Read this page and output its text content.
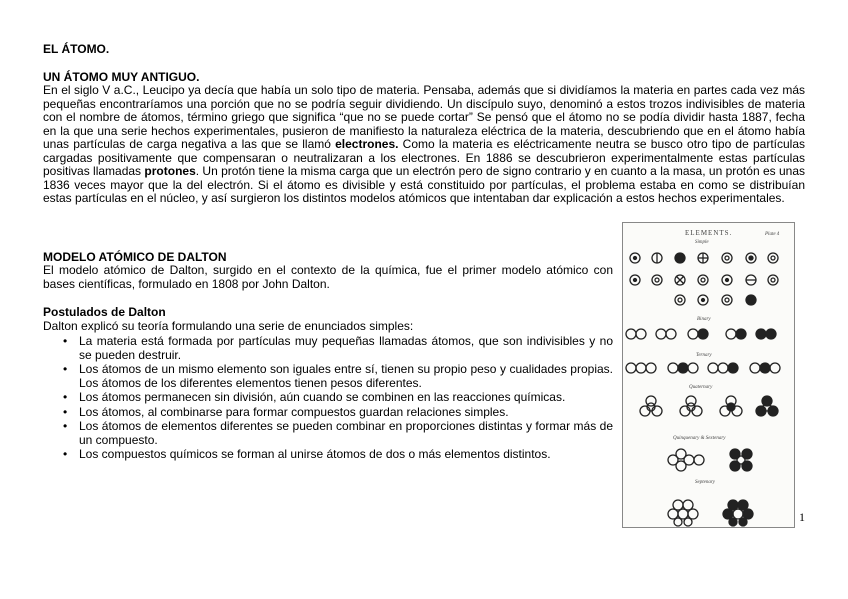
EL ÁTOMO.
UN ÁTOMO MUY ANTIGUO.
En el siglo V a.C., Leucipo ya decía que había un solo tipo de materia. Pensaba, además que si dividíamos la materia en partes cada vez más pequeñas encontraríamos una porción que no se podría seguir dividiendo. Un discípulo suyo, denominó a estos trozos indivisibles de materia con el nombre de átomos, término griego que significa “que no se puede cortar” Se pensó que el átomo no se podía dividir hasta 1887, fecha en la que una serie hechos experimentales, pusieron de manifiesto la naturaleza eléctrica de la materia, descubriendo que en el átomo había unas partículas de carga negativa a las que se llamó electrones. Como la materia es eléctricamente neutra se busco otro tipo de partículas cargadas positivamente que compensaran o neutralizaran a los electrones. En 1886 se descubrieron experimentalmente estas partículas positivas llamadas protones. Un protón tiene la misma carga que un electrón pero de signo contrario y en cuanto a la masa, un protón es unas 1836 veces mayor que la del electrón. Si el átomo es divisible y está constituido por partículas, el problema estaba en como se distribuían estas partículas en el núcleo, y así surgieron los distintos modelos atómicos que intentaban dar explicación a estos hechos experimentales.
MODELO ATÓMICO DE DALTON
El modelo atómico de Dalton, surgido en el contexto de la química, fue el primer modelo atómico con bases científicas, formulado en 1808 por John Dalton.
Postulados de Dalton
Dalton explicó su teoría formulando una serie de enunciados simples:
• La materia está formada por partículas muy pequeñas llamadas átomos, que son indivisibles y no se pueden destruir.
• Los átomos de un mismo elemento son iguales entre sí, tienen su propio peso y cualidades propias. Los átomos de los diferentes elementos tienen pesos diferentes.
• Los átomos permanecen sin división, aún cuando se combinen en las reacciones químicas.
• Los átomos, al combinarse para formar compuestos guardan relaciones simples.
• Los átomos de elementos diferentes se pueden combinar en proporciones distintas y formar más de un compuesto.
• Los compuestos químicos se forman al unirse átomos de dos o más elementos distintos.
ELEMENTS.	Plate 4
Simple
Binary
Ternary
Quaternary
Quinquenary & Sextenary
Septenary
1
